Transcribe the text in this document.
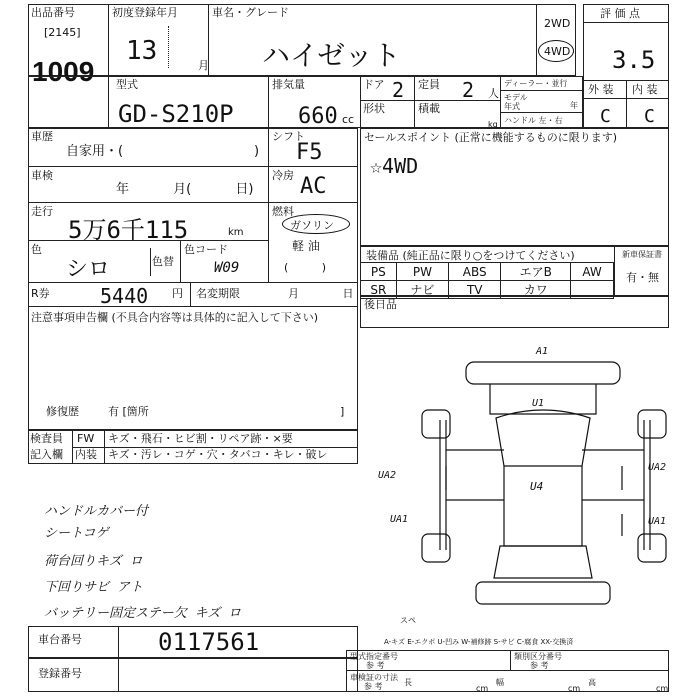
出品番号
[2145]
1009
初度登録年月
13	月
車名・グレード
ハイゼット
2WD
4WD
評 価 点
3.5
外 装 内 装
C C
型式
GD-S210P
排気量
660 cc
ドア 2 定員 2 人
形状	積載
kg
ディーラー・並行
モデル年式	年
ハンドル 左・右
車歴
自家用・(	)
車検
年 月( 日)
走行
5万6千115	km
色
シロ	色替
色コード
W09
R券	5440 円 名変期限	月 日
シフト
F5
冷房 AC
燃料
ガソリン
軽 油
( )
注意事項申告欄 (不具合内容等は具体的に記入して下さい)
修復歴	有 [箇所	]
セールスポイント (正常に機能するものに限ります)
☆4WD
装備品 (純正品に限り○をつけてください)	新車保証書
有・無
PS	PW	ABS	エアB	AW
SR	ナビ	TV	カワ	
後日品
検査員
記入欄
FW キズ・飛石・ヒビ割・リペア跡・×要
内装 キズ・汚レ・コゲ・穴・タバコ・キレ・破レ
ハンドルカバー付
シートコゲ
荷台回りキズ ロ
下回りサビ アト
バッテリー固定ステー欠 キズ ロ
A1
U1
U4
UA2
UA2
UA1	UA1
スペ
A-キズ E-エクボ U-凹み W-補修跡 S-サビ C-腐食 XX-交換済
車台番号	0117561
登録番号
型式指定番号
参 考
類別区分番号
参 考
車検証の寸法
参 考	長
cm
幅
cm
高
cm
